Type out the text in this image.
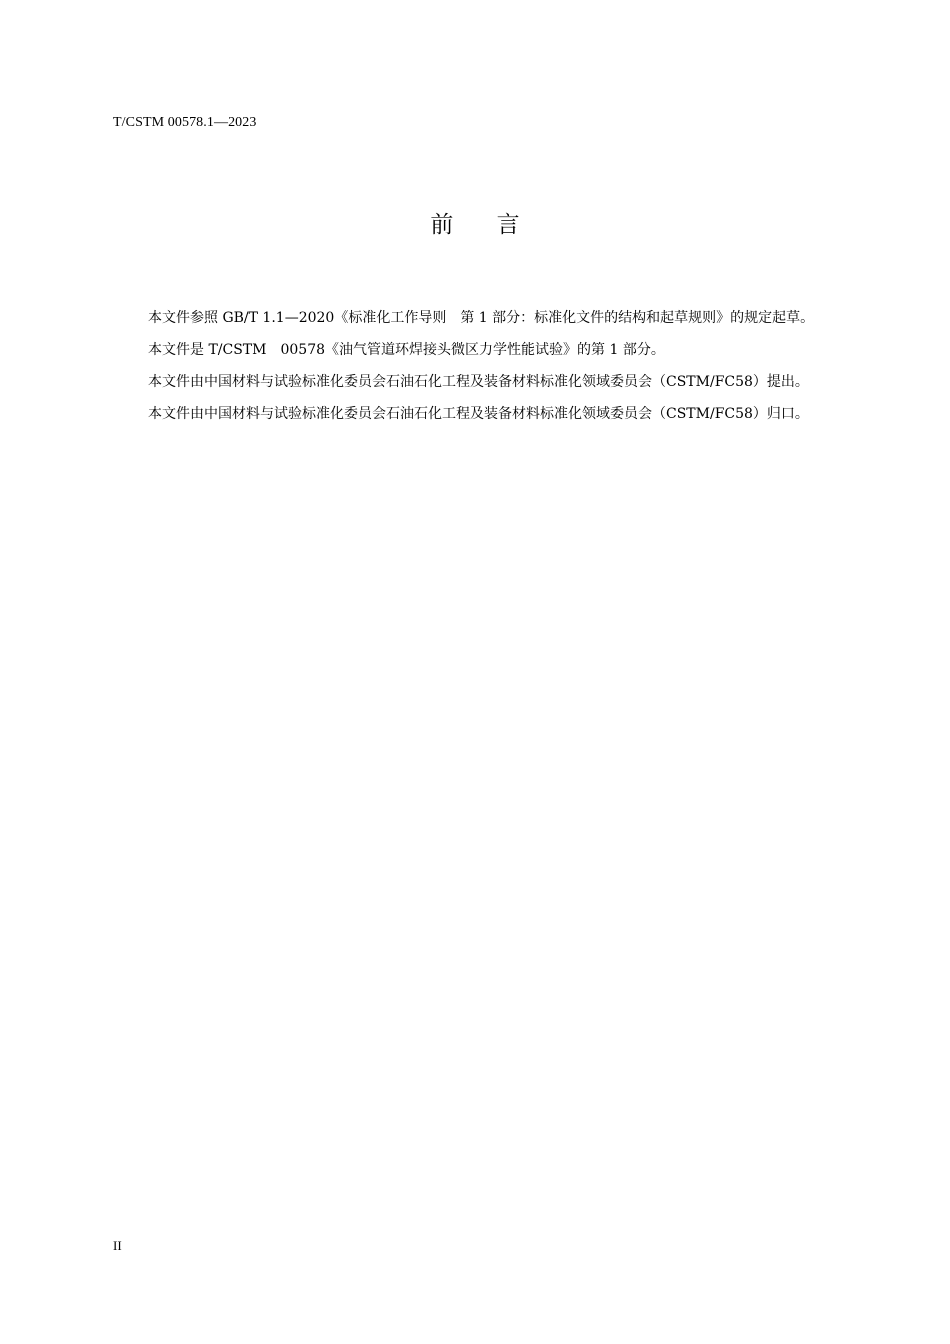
T/CSTM 00578.1—2023
前 言

本文件参照 GB/T 1.1—2020《标准化工作导则　第 1 部分：标准化文件的结构和起草规则》的规定起草。

本文件是 T/CSTM　00578《油气管道环焊接头微区力学性能试验》的第 1 部分。

本文件由中国材料与试验标准化委员会石油石化工程及装备材料标准化领域委员会（CSTM/FC58）提出。

本文件由中国材料与试验标准化委员会石油石化工程及装备材料标准化领域委员会（CSTM/FC58）归口。

II
